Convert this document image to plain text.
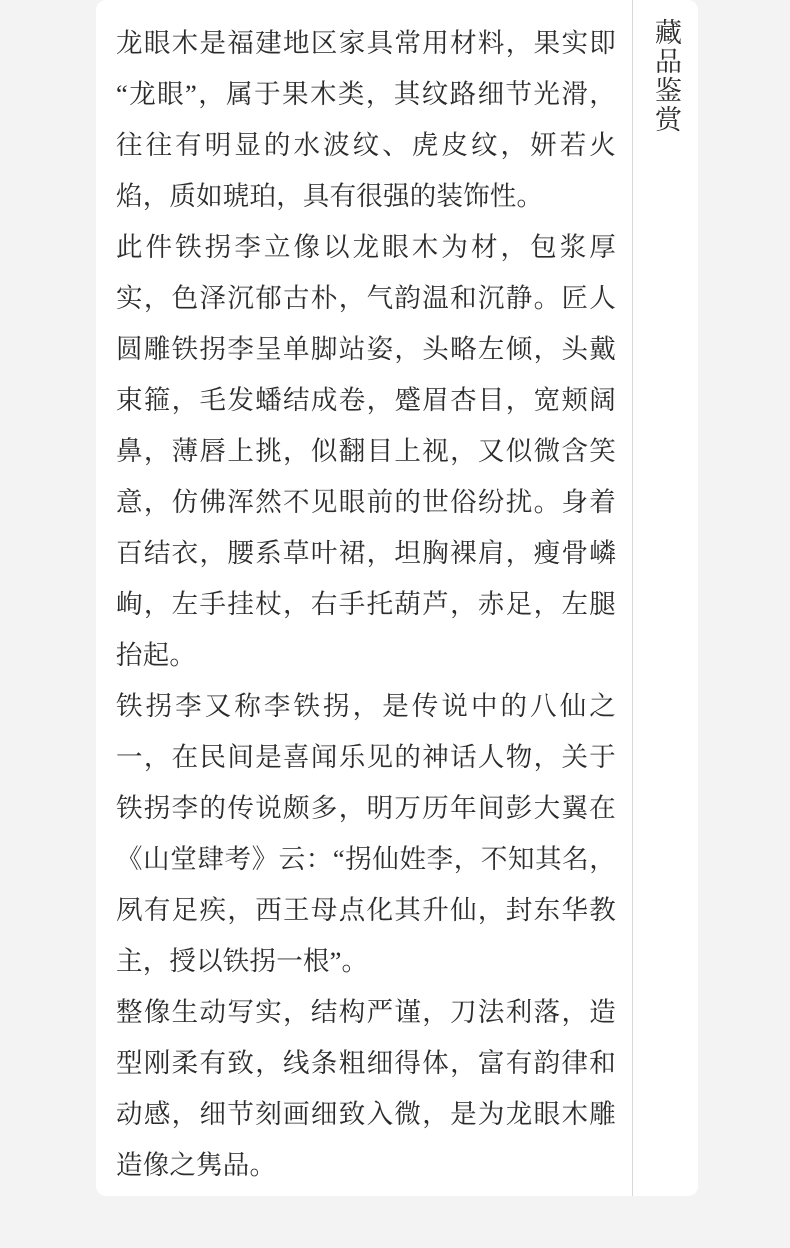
龙眼木是福建地区家具常用材料，果实即“龙眼”，属于果木类，其纹路细节光滑，往往有明显的水波纹、虎皮纹，妍若火焰，质如琥珀，具有很强的装饰性。

此件铁拐李立像以龙眼木为材，包浆厚实，色泽沉郁古朴，气韵温和沉静。匠人圆雕铁拐李呈单脚站姿，头略左倾，头戴束箍，毛发蟠结成卷，蹙眉杏目，宽颊阔鼻，薄唇上挑，似翻目上视，又似微含笑意，仿佛浑然不见眼前的世俗纷扰。身着百结衣，腰系草叶裙，坦胸裸肩，瘦骨嶙峋，左手挂杖，右手托葫芦，赤足，左腿抬起。

铁拐李又称李铁拐，是传说中的八仙之一，在民间是喜闻乐见的神话人物，关于铁拐李的传说颇多，明万历年间彭大翼在《山堂肆考》云：“拐仙姓李，不知其名，夙有足疾，西王母点化其升仙，封东华教主，授以铁拐一根”。

整像生动写实，结构严谨，刀法利落，造型刚柔有致，线条粗细得体，富有韵律和动感，细节刻画细致入微，是为龙眼木雕造像之隽品。

藏品鉴赏
